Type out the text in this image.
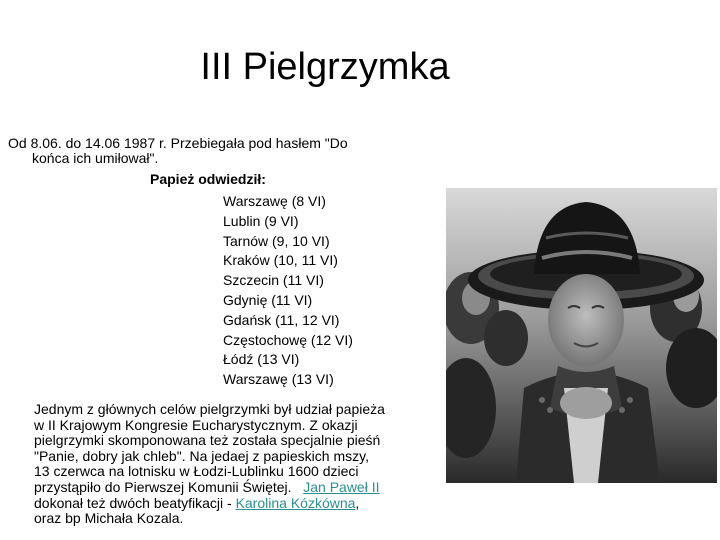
III Pielgrzymka
Od 8.06. do 14.06 1987 r. Przebiegała pod hasłem "Do
końca ich umiłował".
Papież odwiedził:
Warszawę (8 VI)
Lublin (9 VI)
Tarnów (9, 10 VI)
Kraków (10, 11 VI)
Szczecin (11 VI)
Gdynię (11 VI)
Gdańsk (11, 12 VI)
Częstochowę (12 VI)
Łódź (13 VI)
Warszawę (13 VI)
Jednym z głównych celów pielgrzymki był udział papieża
w II Krajowym Kongresie Eucharystycznym. Z okazji
pielgrzymki skomponowana też została specjalnie pieśń
"Panie, dobry jak chleb". Na jedaej z papieskich mszy,
13 czerwca na lotnisku w Łodzi-Lublinku 1600 dzieci
przystąpiło do Pierwszej Komunii Świętej. Jan Paweł II
dokonał też dwóch beatyfikacji - Karolina Kózkówna,
oraz bp Michała Kozala.
